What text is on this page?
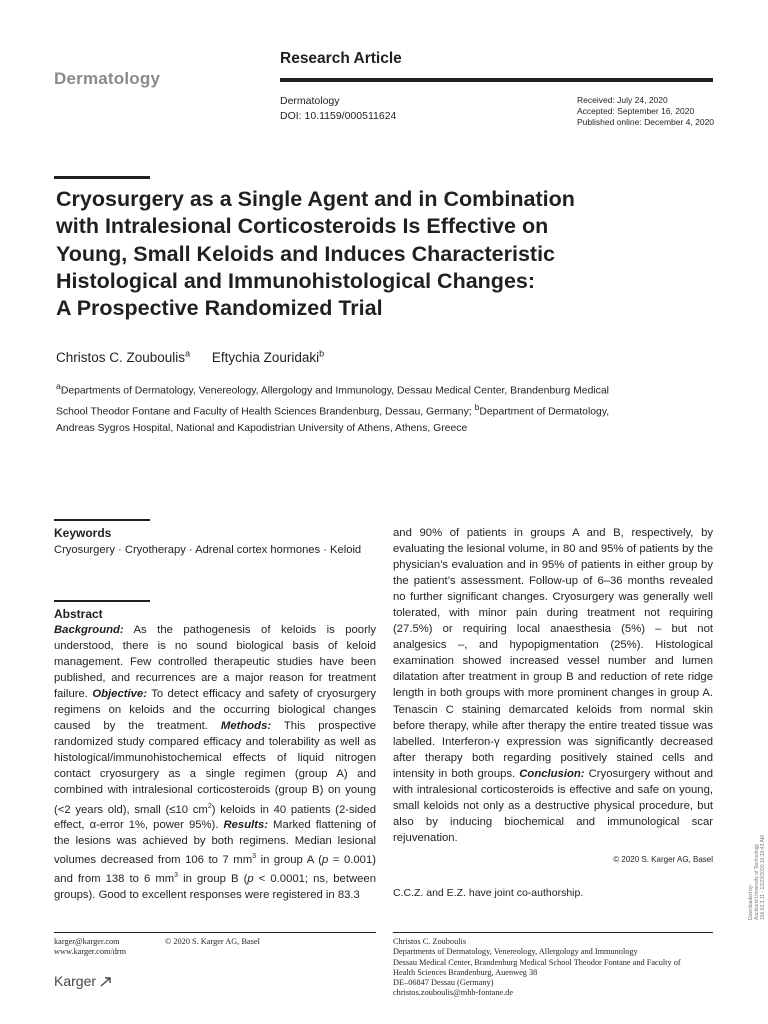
Dermatology
Research Article
Dermatology
DOI: 10.1159/000511624
Received: July 24, 2020
Accepted: September 16, 2020
Published online: December 4, 2020
Cryosurgery as a Single Agent and in Combination
with Intralesional Corticosteroids Is Effective on
Young, Small Keloids and Induces Characteristic
Histological and Immunohistological Changes:
A Prospective Randomized Trial
Christos C. Zouboulis$^a$ Eftychia Zouridaki$^b$
$^a$Departments of Dermatology, Venereology, Allergology and Immunology, Dessau Medical Center, Brandenburg Medical School Theodor Fontane and Faculty of Health Sciences Brandenburg, Dessau, Germany; $^b$Department of Dermatology, Andreas Sygros Hospital, National and Kapodistrian University of Athens, Athens, Greece
Keywords
Cryosurgery · Cryotherapy · Adrenal cortex hormones · Keloid
Abstract
Background: As the pathogenesis of keloids is poorly understood, there is no sound biological basis of keloid management. Few controlled therapeutic studies have been published, and recurrences are a major reason for treatment failure. Objective: To detect efficacy and safety of cryosurgery regimens on keloids and the occurring biological changes caused by the treatment. Methods: This prospective randomized study compared efficacy and tolerability as well as histological/immunohistochemical effects of liquid nitrogen contact cryosurgery as a single regimen (group A) and combined with intralesional corticosteroids (group B) on young (<2 years old), small (≤10 $cm^2$) keloids in 40 patients (2-sided effect, α-error 1%, power 95%). Results: Marked flattening of the lesions was achieved by both regimens. Median lesional volumes decreased from 106 to 7 $mm^3$ in group A (p = 0.001) and from 138 to 6 $mm^3$ in group B (p < 0.0001; ns, between groups). Good to excellent responses were registered in 83.3
and 90% of patients in groups A and B, respectively, by evaluating the lesional volume, in 80 and 95% of patients by the physician’s evaluation and in 95% of patients in either group by the patient’s assessment. Follow-up of 6–36 months revealed no further significant changes. Cryosurgery was generally well tolerated, with minor pain during treatment not requiring (27.5%) or requiring local anaesthesia (5%) – but not analgesics –, and hypopigmentation (25%). Histological examination showed increased vessel number and lumen dilatation after treatment in group B and reduction of rete ridge length in both groups with more prominent changes in group A. Tenascin C staining demarcated keloids from normal skin before therapy, while after therapy the entire treated tissue was labelled. Interferon-γ expression was significantly decreased after therapy both regarding positively stained cells and intensity in both groups. Conclusion: Cryosurgery without and with intralesional corticosteroids is effective and safe on young, small keloids not only as a destructive physical procedure, but also by inducing biochemical and immunological scar rejuvenation.
© 2020 S. Karger AG, Basel
C.C.Z. and E.Z. have joint co-authorship.
karger@karger.com
www.karger.com/drm
© 2020 S. Karger AG, Basel
Karger
Christos C. Zouboulis
Departments of Dermatology, Venereology, Allergology and Immunology
Dessau Medical Center, Brandenburg Medical School Theodor Fontane and Faculty of
Health Sciences Brandenburg, Auenweg 38
DE–06847 Dessau (Germany)
christos.zouboulis@mhb-fontane.de
Downloaded by: Auckland University of Technology 156.62.3.11 - 12/23/2020 10:15:43 AM
